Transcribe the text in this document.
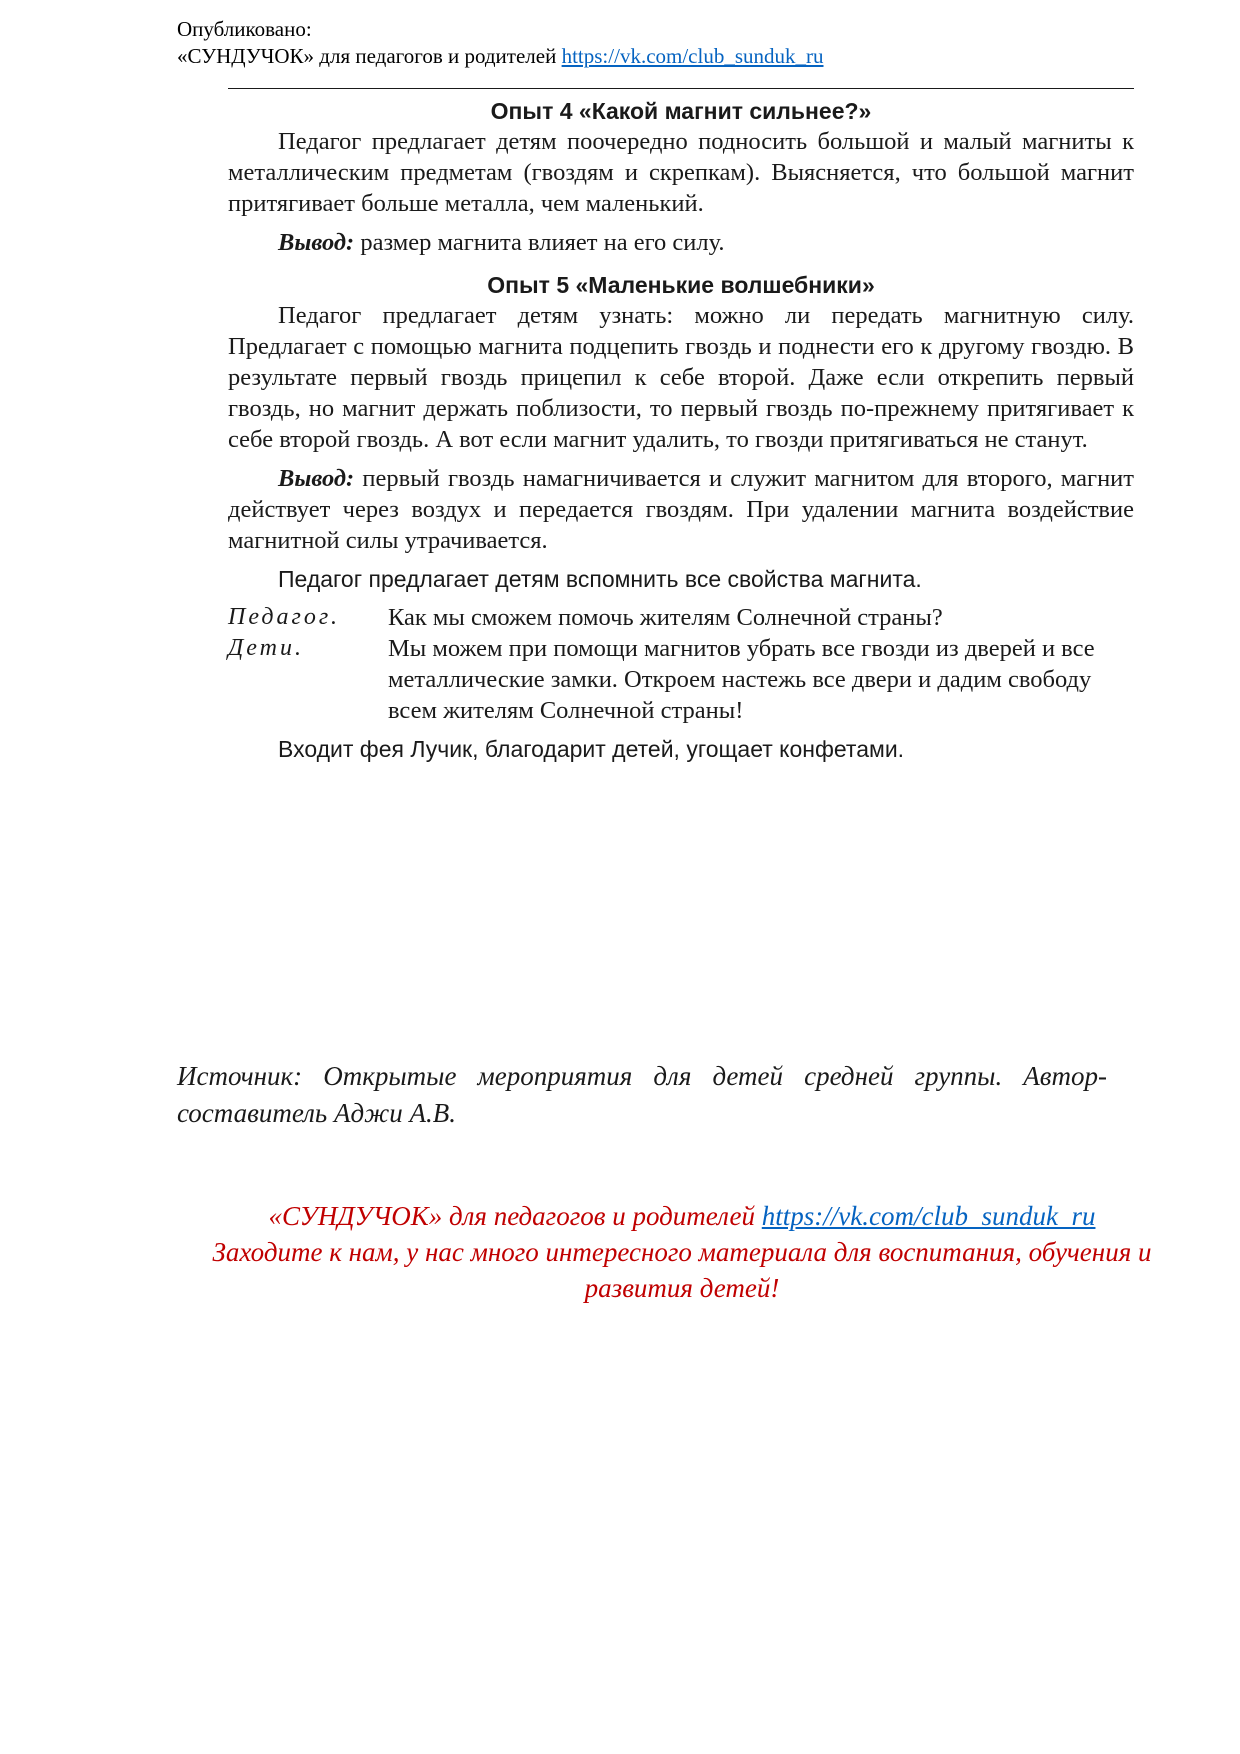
Опубликовано:
«СУНДУЧОК» для педагогов и родителей https://vk.com/club_sunduk_ru
Опыт 4 «Какой магнит сильнее?»

Педагог предлагает детям поочередно подносить большой и малый магниты к металлическим предметам (гвоздям и скрепкам). Выясняется, что большой магнит притягивает больше металла, чем маленький.

Вывод: размер магнита влияет на его силу.

Опыт 5 «Маленькие волшебники»

Педагог предлагает детям узнать: можно ли передать магнитную силу. Предлагает с помощью магнита подцепить гвоздь и поднести его к другому гвоздю. В результате первый гвоздь прицепил к себе второй. Даже если открепить первый гвоздь, но магнит держать поблизости, то первый гвоздь по-прежнему притягивает к себе второй гвоздь. А вот если магнит удалить, то гвозди притягиваться не станут.

Вывод: первый гвоздь намагничивается и служит магнитом для второго, магнит действует через воздух и передается гвоздям. При удалении магнита воздействие магнитной силы утрачивается.

Педагог предлагает детям вспомнить все свойства магнита.

Педагог.	Как мы сможем помочь жителям Солнечной страны?
Дети.	Мы можем при помощи магнитов убрать все гвозди из дверей и все металлические замки. Откроем настежь все двери и дадим свободу всем жителям Солнечной страны!

Входит фея Лучик, благодарит детей, угощает конфетами.

Источник: Открытые мероприятия для детей средней группы. Автор-составитель Аджи А.В.
«СУНДУЧОК» для педагогов и родителей https://vk.com/club_sunduk_ru
Заходите к нам, у нас много интересного материала для воспитания, обучения и развития детей!
